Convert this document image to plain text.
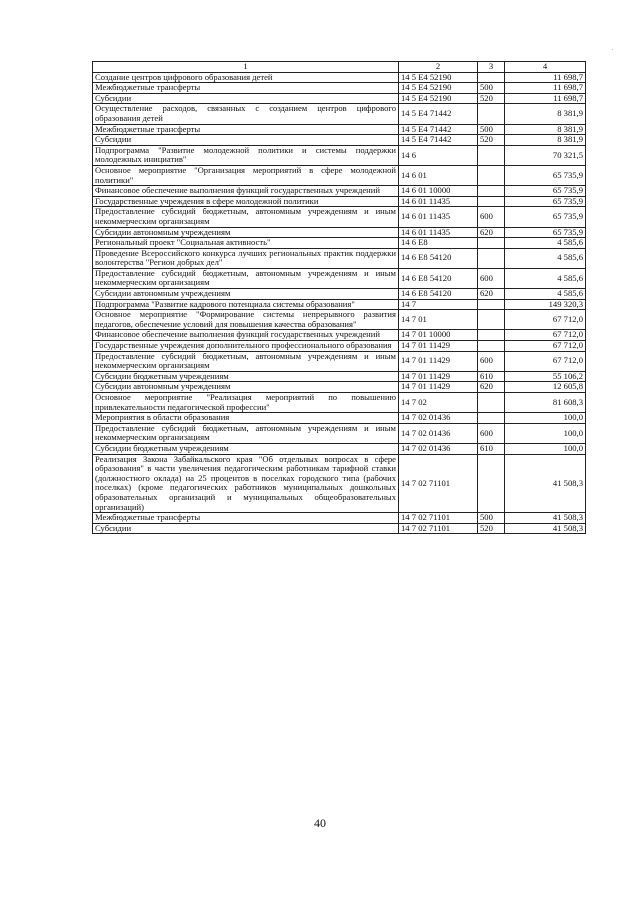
.
1	2	3	4
Создание центров цифрового образования детей	14 5 Е4 52190		11 698,7
Межбюджетные трансферты	14 5 Е4 52190	500	11 698,7
Субсидии	14 5 Е4 52190	520	11 698,7
Осуществление расходов, связанных с созданием центров цифрового образования детей	14 5 Е4 71442		8 381,9
Межбюджетные трансферты	14 5 Е4 71442	500	8 381,9
Субсидии	14 5 Е4 71442	520	8 381,9
Подпрограмма "Развитие молодежной политики и системы поддержки молодежных инициатив"	14 6		70 321,5
Основное мероприятие "Организация мероприятий в сфере молодежной политики"	14 6 01		65 735,9
Финансовое обеспечение выполнения функций государственных учреждений	14 6 01 10000		65 735,9
Государственные учреждения в сфере молодежной политики	14 6 01 11435		65 735,9
Предоставление субсидий бюджетным, автономным учреждениям и иным некоммерческим организациям	14 6 01 11435	600	65 735,9
Субсидии автономным учреждениям	14 6 01 11435	620	65 735,9
Региональный проект "Социальная активность"	14 6 Е8		4 585,6
Проведение Всероссийского конкурса лучших региональных практик поддержки волонтерства "Регион добрых дел"	14 6 Е8 54120		4 585,6
Предоставление субсидий бюджетным, автономным учреждениям и иным некоммерческим организациям	14 6 Е8 54120	600	4 585,6
Субсидии автономным учреждениям	14 6 Е8 54120	620	4 585,6
Подпрограмма "Развитие кадрового потенциала системы образования"	14 7		149 320,3
Основное мероприятие "Формирование системы непрерывного развития педагогов, обеспечение условий для повышения качества образования"	14 7 01		67 712,0
Финансовое обеспечение выполнения функций государственных учреждений	14 7 01 10000		67 712,0
Государственные учреждения дополнительного профессионального образования	14 7 01 11429		67 712,0
Предоставление субсидий бюджетным, автономным учреждениям и иным некоммерческим организациям	14 7 01 11429	600	67 712,0
Субсидии бюджетным учреждениям	14 7 01 11429	610	55 106,2
Субсидии автономным учреждениям	14 7 01 11429	620	12 605,8
Основное мероприятие "Реализация мероприятий по повышению привлекательности педагогической профессии"	14 7 02		81 608,3
Мероприятия в области образования	14 7 02 01436		100,0
Предоставление субсидий бюджетным, автономным учреждениям и иным некоммерческим организациям	14 7 02 01436	600	100,0
Субсидии бюджетным учреждениям	14 7 02 01436	610	100,0
Реализация Закона Забайкальского края "Об отдельных вопросах в сфере образования" в части увеличения педагогическим работникам тарифной ставки (должностного оклада) на 25 процентов в поселках городского типа (рабочих поселках) (кроме педагогических работников муниципальных дошкольных образовательных организаций и муниципальных общеобразовательных организаций)	14 7 02 71101		41 508,3
Межбюджетные трансферты	14 7 02 71101	500	41 508,3
Субсидии	14 7 02 71101	520	41 508,3
40
